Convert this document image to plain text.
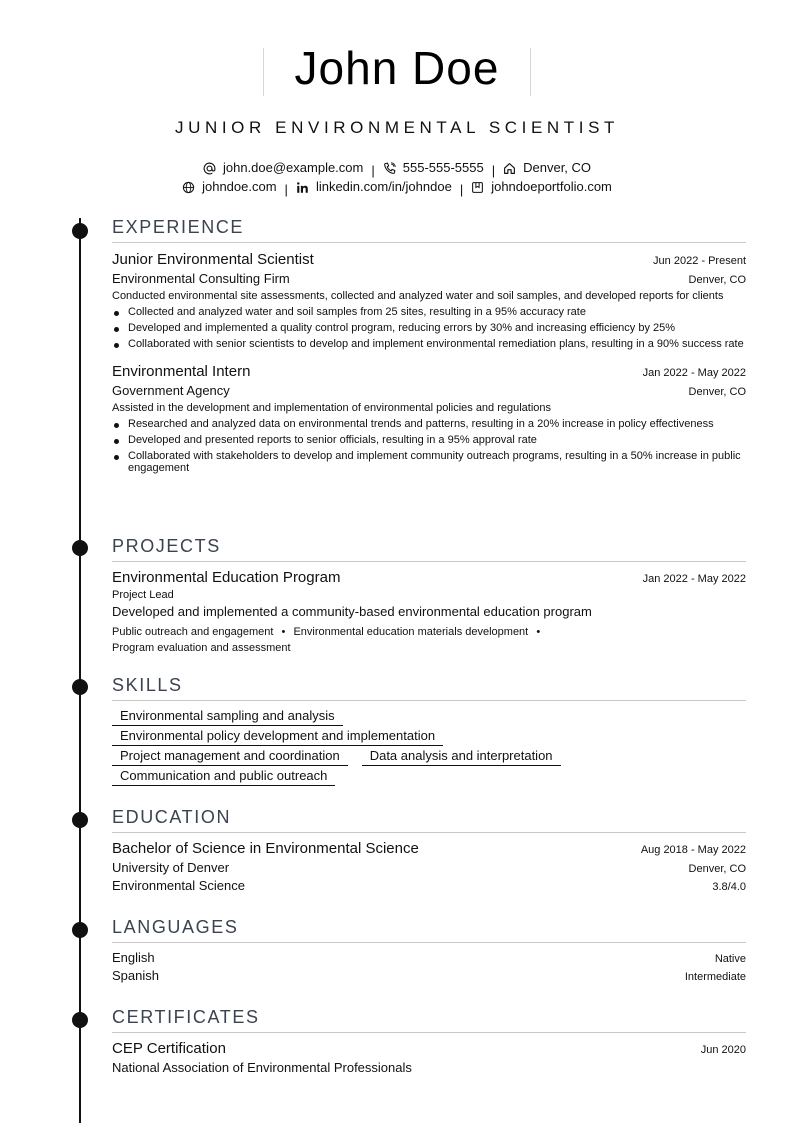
John Doe
JUNIOR ENVIRONMENTAL SCIENTIST
john.doe@example.com | 555-555-5555 | Denver, CO
johndoe.com | linkedin.com/in/johndoe | johndoeportfolio.com
EXPERIENCE
Junior Environmental Scientist	Jun 2022 - Present
Environmental Consulting Firm	Denver, CO
Conducted environmental site assessments, collected and analyzed water and soil samples, and developed reports for clients
Collected and analyzed water and soil samples from 25 sites, resulting in a 95% accuracy rate
Developed and implemented a quality control program, reducing errors by 30% and increasing efficiency by 25%
Collaborated with senior scientists to develop and implement environmental remediation plans, resulting in a 90% success rate
Environmental Intern	Jan 2022 - May 2022
Government Agency	Denver, CO
Assisted in the development and implementation of environmental policies and regulations
Researched and analyzed data on environmental trends and patterns, resulting in a 20% increase in policy effectiveness
Developed and presented reports to senior officials, resulting in a 95% approval rate
Collaborated with stakeholders to develop and implement community outreach programs, resulting in a 50% increase in public engagement
PROJECTS
Environmental Education Program	Jan 2022 - May 2022
Project Lead
Developed and implemented a community-based environmental education program
Public outreach and engagement • Environmental education materials development •
Program evaluation and assessment
SKILLS
Environmental sampling and analysis
Environmental policy development and implementation
Project management and coordination Data analysis and interpretation
Communication and public outreach
EDUCATION
Bachelor of Science in Environmental Science	Aug 2018 - May 2022
University of Denver	Denver, CO
Environmental Science	3.8/4.0
LANGUAGES
English	Native
Spanish	Intermediate
CERTIFICATES
CEP Certification	Jun 2020
National Association of Environmental Professionals
